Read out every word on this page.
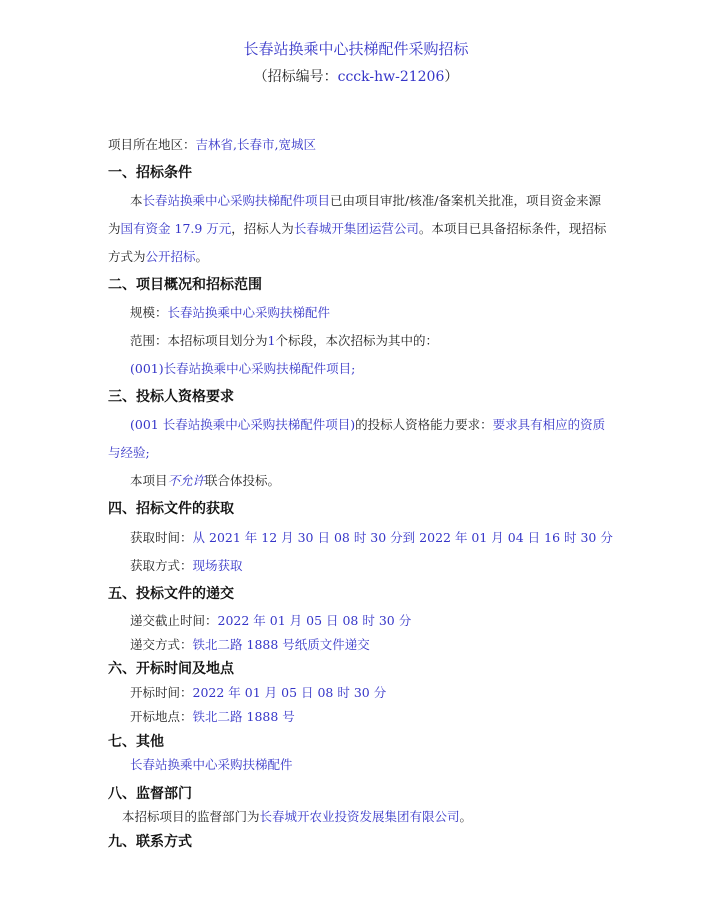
长春站换乘中心扶梯配件采购招标
（招标编号：ccck-hw-21206）
项目所在地区：吉林省,长春市,宽城区
一、招标条件
本长春站换乘中心采购扶梯配件项目已由项目审批/核准/备案机关批准，项目资金来源
为国有资金 17.9 万元，招标人为长春城开集团运营公司。本项目已具备招标条件，现招标
方式为公开招标。
二、项目概况和招标范围
规模：长春站换乘中心采购扶梯配件
范围：本招标项目划分为1个标段，本次招标为其中的：
(001)长春站换乘中心采购扶梯配件项目;
三、投标人资格要求
(001 长春站换乘中心采购扶梯配件项目)的投标人资格能力要求：要求具有相应的资质
与经验;
本项目不允许联合体投标。
四、招标文件的获取
获取时间：从 2021 年 12 月 30 日 08 时 30 分到 2022 年 01 月 04 日 16 时 30 分
获取方式：现场获取
五、投标文件的递交
递交截止时间：2022 年 01 月 05 日 08 时 30 分
递交方式：铁北二路 1888 号纸质文件递交
六、开标时间及地点
开标时间：2022 年 01 月 05 日 08 时 30 分
开标地点：铁北二路 1888 号
七、其他
长春站换乘中心采购扶梯配件
八、监督部门
本招标项目的监督部门为长春城开农业投资发展集团有限公司。
九、联系方式
